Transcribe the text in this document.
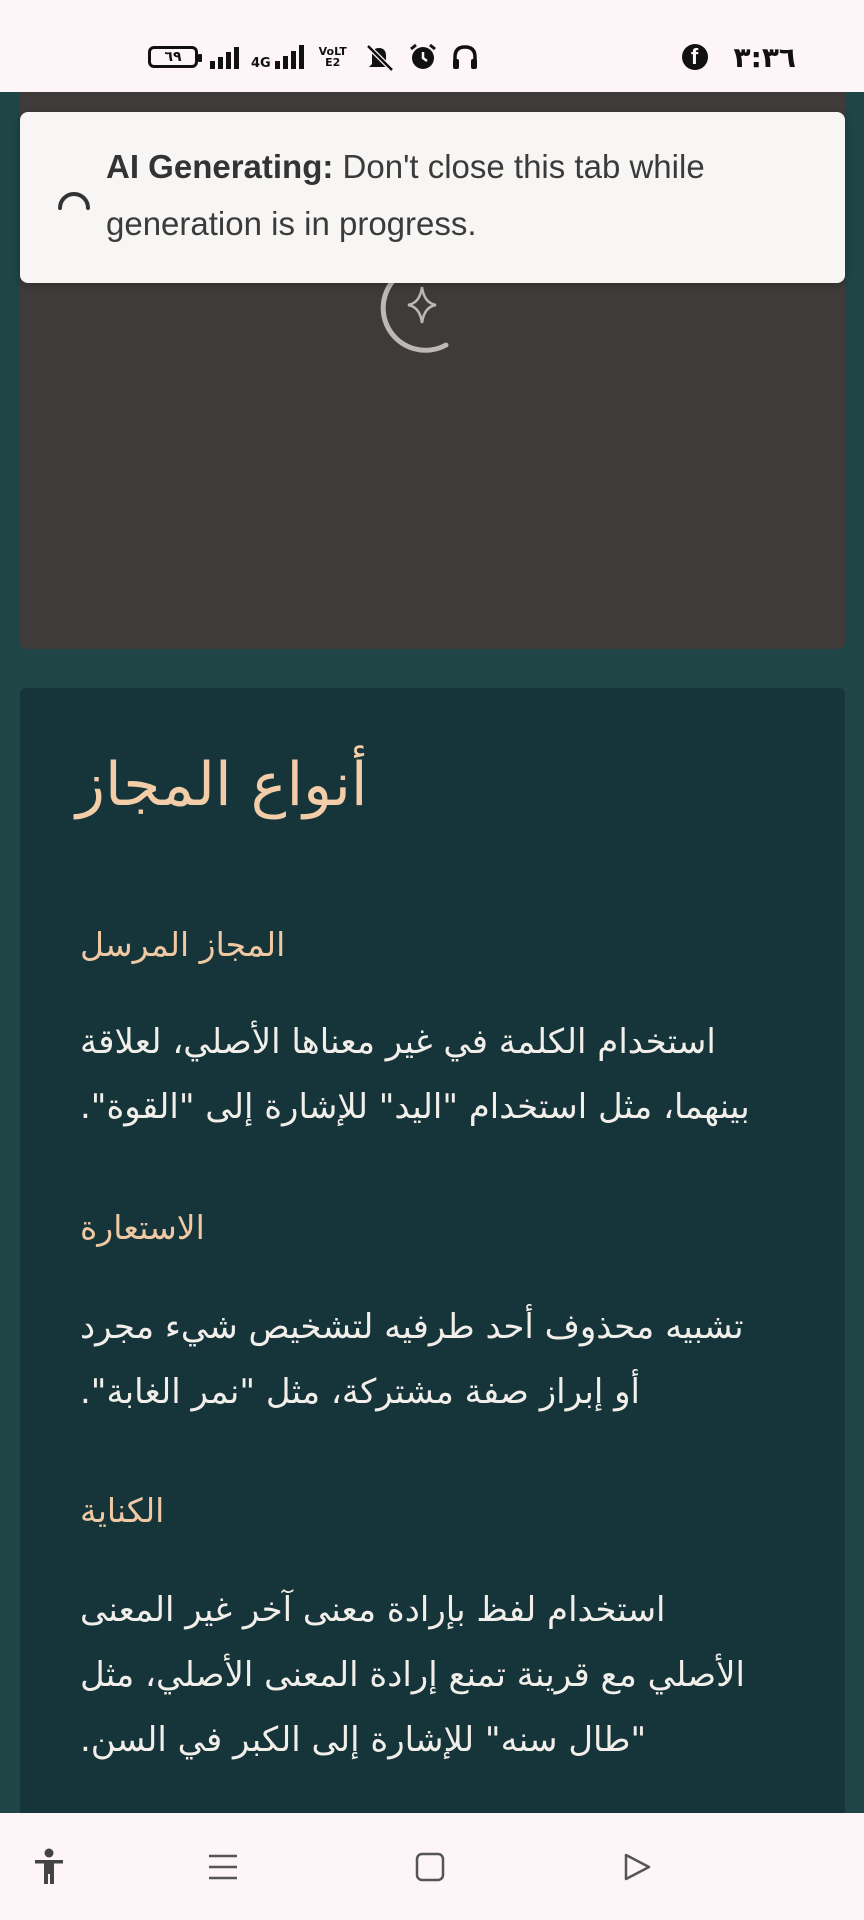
٦٩	4G
VoLTE2	f	٣:٣٦
AI Generating: Don't close this tab while generation is in progress.
أنواع المجاز
المجاز المرسل
استخدام الكلمة في غير معناها الأصلي، لعلاقة
بينهما، مثل استخدام "اليد" للإشارة إلى "القوة".
الاستعارة
تشبيه محذوف أحد طرفيه لتشخيص شيء مجرد
أو إبراز صفة مشتركة، مثل "نمر الغابة".
الكناية
استخدام لفظ بإرادة معنى آخر غير المعنى
الأصلي مع قرينة تمنع إرادة المعنى الأصلي، مثل
"طال سنه" للإشارة إلى الكبر في السن.
